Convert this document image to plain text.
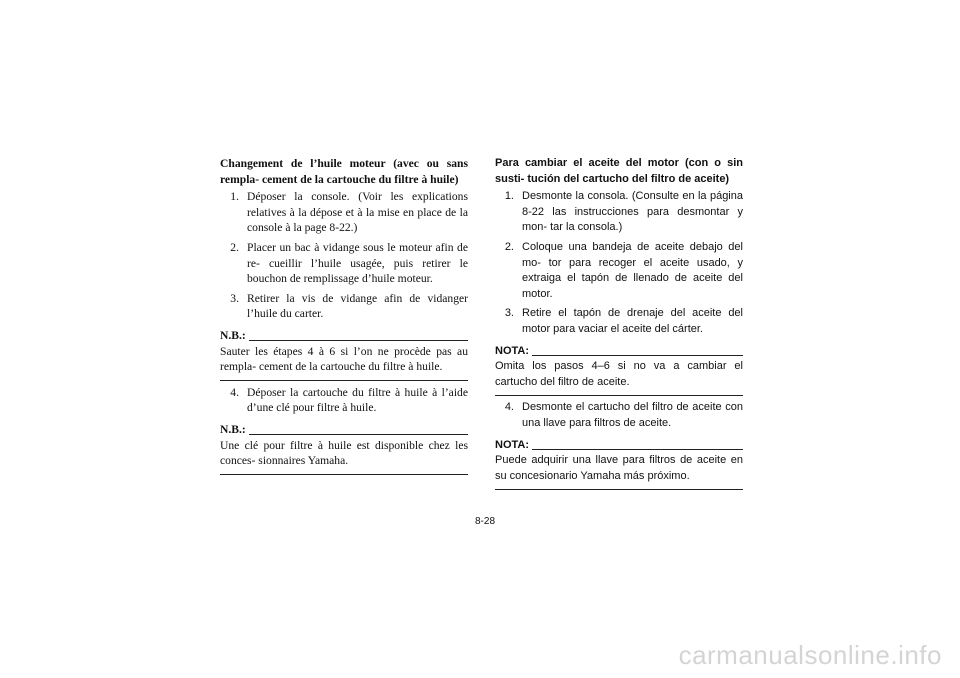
Changement de l’huile moteur (avec ou sans rempla- cement de la cartouche du filtre à huile)
1. Déposer la console. (Voir les explications relatives à la dépose et à la mise en place de la console à la page 8-22.)
2. Placer un bac à vidange sous le moteur afin de re- cueillir l’huile usagée, puis retirer le bouchon de remplissage d’huile moteur.
3. Retirer la vis de vidange afin de vidanger l’huile du carter.
N.B.:
Sauter les étapes 4 à 6 si l’on ne procède pas au rempla- cement de la cartouche du filtre à huile.
4. Déposer la cartouche du filtre à huile à l’aide d’une clé pour filtre à huile.
N.B.:
Une clé pour filtre à huile est disponible chez les conces- sionnaires Yamaha.
Para cambiar el aceite del motor (con o sin susti- tución del cartucho del filtro de aceite)
1. Desmonte la consola. (Consulte en la página 8-22 las instrucciones para desmontar y mon- tar la consola.)
2. Coloque una bandeja de aceite debajo del mo- tor para recoger el aceite usado, y extraiga el tapón de llenado de aceite del motor.
3. Retire el tapón de drenaje del aceite del motor para vaciar el aceite del cárter.
NOTA:
Omita los pasos 4–6 si no va a cambiar el cartucho del filtro de aceite.
4. Desmonte el cartucho del filtro de aceite con una llave para filtros de aceite.
NOTA:
Puede adquirir una llave para filtros de aceite en su concesionario Yamaha más próximo.
8-28
carmanualsonline.info
